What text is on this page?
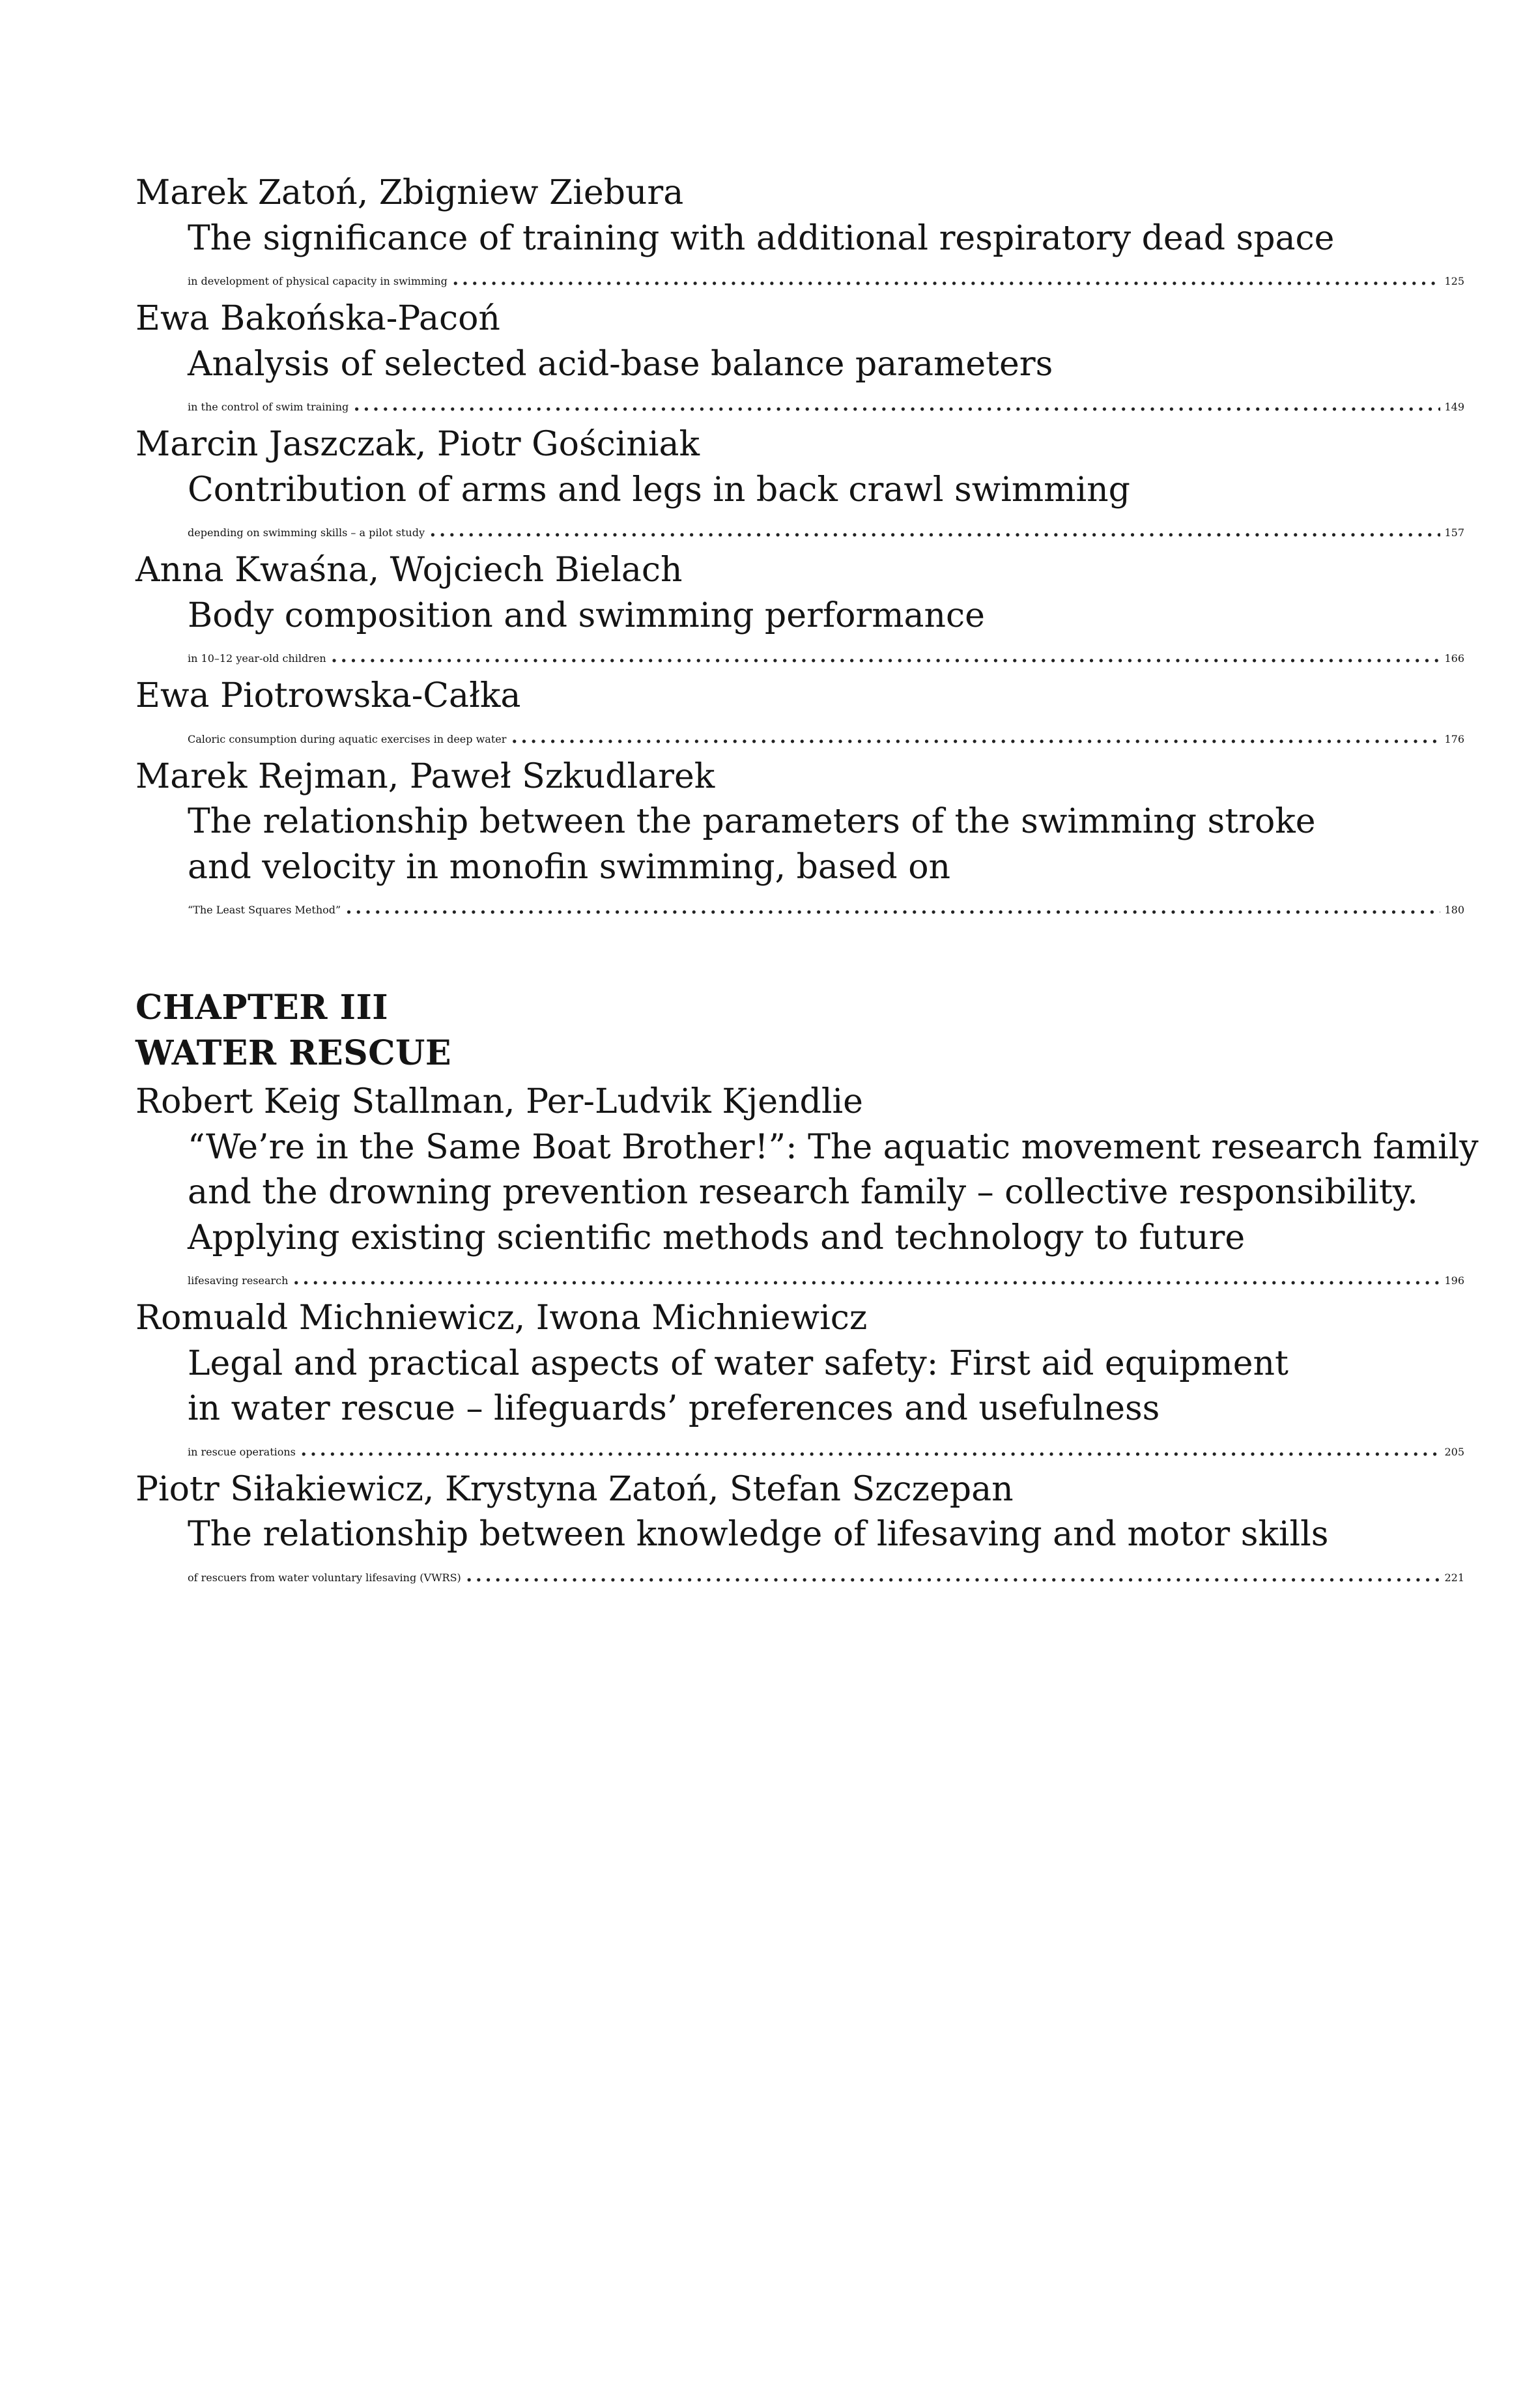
Marek Zatoń, Zbigniew Ziebura
The significance of training with additional respiratory dead space
in development of physical capacity in swimming .....	125
Ewa Bakońska-Pacoń
Analysis of selected acid-base balance parameters
in the control of swim training .....	149
Marcin Jaszczak, Piotr Gościniak
Contribution of arms and legs in back crawl swimming
depending on swimming skills – a pilot study .....	157
Anna Kwaśna, Wojciech Bielach
Body composition and swimming performance
in 10–12 year-old children .....	166
Ewa Piotrowska-Całka
Caloric consumption during aquatic exercises in deep water .....	176
Marek Rejman, Paweł Szkudlarek
The relationship between the parameters of the swimming stroke
and velocity in monofin swimming, based on
“The Least Squares Method” .....	180
CHAPTER III
WATER RESCUE
Robert Keig Stallman, Per-Ludvik Kjendlie
“We’re in the Same Boat Brother!”: The aquatic movement research family
and the drowning prevention research family – collective responsibility.
Applying existing scientific methods and technology to future
lifesaving research .....	196
Romuald Michniewicz, Iwona Michniewicz
Legal and practical aspects of water safety: First aid equipment
in water rescue – lifeguards’ preferences and usefulness
in rescue operations .....	205
Piotr Siłakiewicz, Krystyna Zatoń, Stefan Szczepan
The relationship between knowledge of lifesaving and motor skills
of rescuers from water voluntary lifesaving (VWRS) .....	221
